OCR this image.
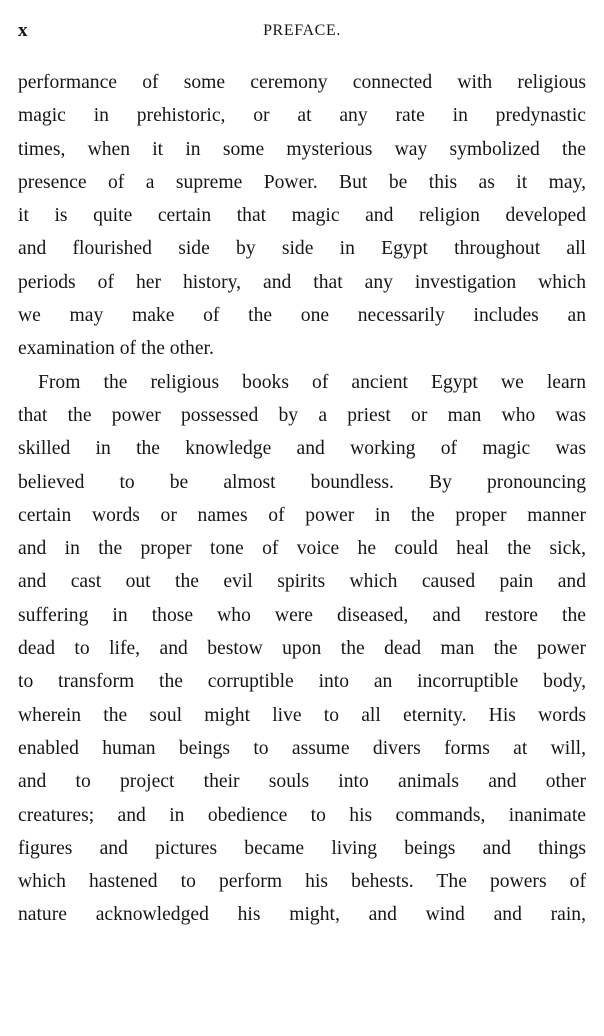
x	PREFACE.
performance of some ceremony connected with religious
magic in prehistoric, or at any rate in predynastic
times, when it in some mysterious way symbolized the
presence of a supreme Power. But be this as it may,
it is quite certain that magic and religion developed
and flourished side by side in Egypt throughout all
periods of her history, and that any investigation which
we may make of the one necessarily includes an
examination of the other.
From the religious books of ancient Egypt we learn
that the power possessed by a priest or man who was
skilled in the knowledge and working of magic was
believed to be almost boundless. By pronouncing
certain words or names of power in the proper manner
and in the proper tone of voice he could heal the sick,
and cast out the evil spirits which caused pain and
suffering in those who were diseased, and restore the
dead to life, and bestow upon the dead man the power
to transform the corruptible into an incorruptible body,
wherein the soul might live to all eternity. His words
enabled human beings to assume divers forms at will,
and to project their souls into animals and other
creatures; and in obedience to his commands, inanimate
figures and pictures became living beings and things
which hastened to perform his behests. The powers of
nature acknowledged his might, and wind and rain,
